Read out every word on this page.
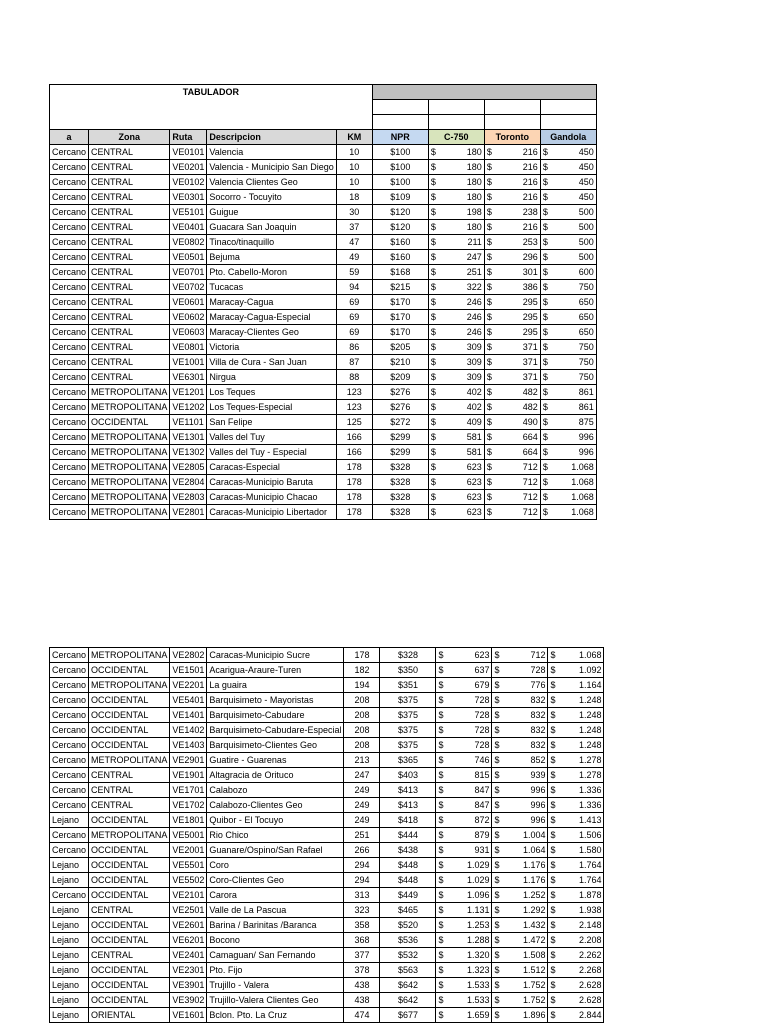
TABULADOR								

a	Zona	Ruta	Descripcion	KM	NPR	C-750	Toronto	Gandola
Cercano	CENTRAL	VE0101	Valencia	10	$100	$ 180	$ 216	$ 450

Cercano	CENTRAL	VE0201	Valencia - Municipio San Diego	10	$100	$ 180	$ 216	$ 450

Cercano	CENTRAL	VE0102	Valencia Clientes Geo	10	$100	$ 180	$ 216	$ 450

Cercano	CENTRAL	VE0301	Socorro - Tocuyito	18	$109	$ 180	$ 216	$ 450

Cercano	CENTRAL	VE5101	Guigue	30	$120	$ 198	$ 238	$ 500

Cercano	CENTRAL	VE0401	Guacara San Joaquin	37	$120	$ 180	$ 216	$ 500

Cercano	CENTRAL	VE0802	Tinaco/tinaquillo	47	$160	$ 211	$ 253	$ 500

Cercano	CENTRAL	VE0501	Bejuma	49	$160	$ 247	$ 296	$ 500

Cercano	CENTRAL	VE0701	Pto. Cabello-Moron	59	$168	$ 251	$ 301	$ 600

Cercano	CENTRAL	VE0702	Tucacas	94	$215	$ 322	$ 386	$ 750

Cercano	CENTRAL	VE0601	Maracay-Cagua	69	$170	$ 246	$ 295	$ 650

Cercano	CENTRAL	VE0602	Maracay-Cagua-Especial	69	$170	$ 246	$ 295	$ 650

Cercano	CENTRAL	VE0603	Maracay-Clientes Geo	69	$170	$ 246	$ 295	$ 650

Cercano	CENTRAL	VE0801	Victoria	86	$205	$ 309	$ 371	$ 750

Cercano	CENTRAL	VE1001	Villa de Cura - San Juan	87	$210	$ 309	$ 371	$ 750

Cercano	CENTRAL	VE6301	Nirgua	88	$209	$ 309	$ 371	$ 750

Cercano	METROPOLITANA	VE1201	Los Teques	123	$276	$ 402	$ 482	$ 861

Cercano	METROPOLITANA	VE1202	Los Teques-Especial	123	$276	$ 402	$ 482	$ 861

Cercano	OCCIDENTAL	VE1101	San Felipe	125	$272	$ 409	$ 490	$ 875

Cercano	METROPOLITANA	VE1301	Valles del Tuy	166	$299	$ 581	$ 664	$ 996

Cercano	METROPOLITANA	VE1302	Valles del Tuy - Especial	166	$299	$ 581	$ 664	$ 996

Cercano	METROPOLITANA	VE2805	Caracas-Especial	178	$328	$ 623	$ 712	$ 1.068

Cercano	METROPOLITANA	VE2804	Caracas-Municipio Baruta	178	$328	$ 623	$ 712	$ 1.068

Cercano	METROPOLITANA	VE2803	Caracas-Municipio Chacao	178	$328	$ 623	$ 712	$ 1.068

Cercano	METROPOLITANA	VE2801	Caracas-Municipio Libertador	178	$328	$ 623	$ 712	$ 1.068
Cercano	METROPOLITANA	VE2802	Caracas-Municipio Sucre	178	$328	$ 623	$ 712	$ 1.068

Cercano	OCCIDENTAL	VE1501	Acarigua-Araure-Turen	182	$350	$ 637	$ 728	$ 1.092

Cercano	METROPOLITANA	VE2201	La guaira	194	$351	$ 679	$ 776	$ 1.164

Cercano	OCCIDENTAL	VE5401	Barquisimeto - Mayoristas	208	$375	$ 728	$ 832	$ 1.248

Cercano	OCCIDENTAL	VE1401	Barquisimeto-Cabudare	208	$375	$ 728	$ 832	$ 1.248

Cercano	OCCIDENTAL	VE1402	Barquisimeto-Cabudare-Especial	208	$375	$ 728	$ 832	$ 1.248

Cercano	OCCIDENTAL	VE1403	Barquisimeto-Clientes Geo	208	$375	$ 728	$ 832	$ 1.248

Cercano	METROPOLITANA	VE2901	Guatire - Guarenas	213	$365	$ 746	$ 852	$ 1.278

Cercano	CENTRAL	VE1901	Altagracia de Orituco	247	$403	$ 815	$ 939	$ 1.278

Cercano	CENTRAL	VE1701	Calabozo	249	$413	$ 847	$ 996	$ 1.336

Cercano	CENTRAL	VE1702	Calabozo-Clientes Geo	249	$413	$ 847	$ 996	$ 1.336

Lejano	OCCIDENTAL	VE1801	Quibor - El Tocuyo	249	$418	$ 872	$ 996	$ 1.413

Cercano	METROPOLITANA	VE5001	Rio Chico	251	$444	$ 879	$ 1.004	$ 1.506

Cercano	OCCIDENTAL	VE2001	Guanare/Ospino/San Rafael	266	$438	$ 931	$ 1.064	$ 1.580

Lejano	OCCIDENTAL	VE5501	Coro	294	$448	$ 1.029	$ 1.176	$ 1.764

Lejano	OCCIDENTAL	VE5502	Coro-Clientes Geo	294	$448	$ 1.029	$ 1.176	$ 1.764

Cercano	OCCIDENTAL	VE2101	Carora	313	$449	$ 1.096	$ 1.252	$ 1.878

Lejano	CENTRAL	VE2501	Valle de La Pascua	323	$465	$ 1.131	$ 1.292	$ 1.938

Lejano	OCCIDENTAL	VE2601	Barina / Barinitas /Baranca	358	$520	$ 1.253	$ 1.432	$ 2.148

Lejano	OCCIDENTAL	VE6201	Bocono	368	$536	$ 1.288	$ 1.472	$ 2.208

Lejano	CENTRAL	VE2401	Camaguan/ San Fernando	377	$532	$ 1.320	$ 1.508	$ 2.262

Lejano	OCCIDENTAL	VE2301	Pto. Fijo	378	$563	$ 1.323	$ 1.512	$ 2.268

Lejano	OCCIDENTAL	VE3901	Trujillo - Valera	438	$642	$ 1.533	$ 1.752	$ 2.628

Lejano	OCCIDENTAL	VE3902	Trujillo-Valera Clientes Geo	438	$642	$ 1.533	$ 1.752	$ 2.628

Lejano	ORIENTAL	VE1601	Bclon. Pto. La Cruz	474	$677	$ 1.659	$ 1.896	$ 2.844
